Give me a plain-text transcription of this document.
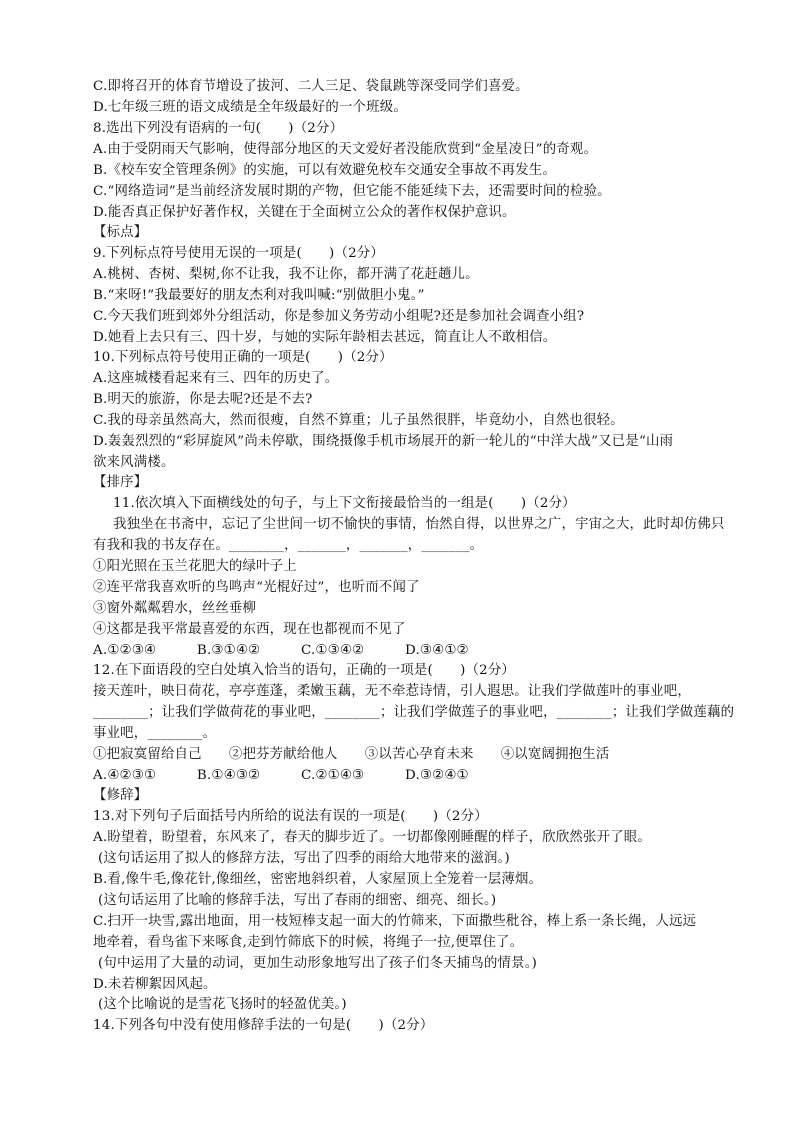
C.即将召开的体育节增设了拔河、二人三足、袋鼠跳等深受同学们喜爱。
D.七年级三班的语文成绩是全年级最好的一个班级。
8.选出下列没有语病的一句(　　)（2分）
A.由于受阴雨天气影响，使得部分地区的天文爱好者没能欣赏到“金星凌日”的奇观。
B.《校车安全管理条例》的实施，可以有效避免校车交通安全事故不再发生。
C.“网络造词”是当前经济发展时期的产物，但它能不能延续下去，还需要时间的检验。
D.能否真正保护好著作权，关键在于全面树立公众的著作权保护意识。
【标点】
9.下列标点符号使用无误的一项是(　　)（2分）
A.桃树、杏树、梨树,你不让我，我不让你，都开满了花赶趟儿。
B.“来呀!”我最要好的朋友杰利对我叫喊:“别做胆小鬼。”
C.今天我们班到郊外分组活动，你是参加义务劳动小组呢?还是参加社会调查小组?
D.她看上去只有三、四十岁，与她的实际年龄相去甚远，简直让人不敢相信。
10.下列标点符号使用正确的一项是(　　)（2分）
A.这座城楼看起来有三、四年的历史了。
B.明天的旅游，你是去呢?还是不去?
C.我的母亲虽然高大，然而很瘦，自然不算重；儿子虽然很胖，毕竟幼小，自然也很轻。
D.轰轰烈烈的“彩屏旋风”尚未停歇，围绕摄像手机市场展开的新一轮儿的“中洋大战”又已是“山雨
欲来风满楼。
【排序】
11.依次填入下面横线处的句子，与上下文衔接最恰当的一组是(　　)（2分）
我独坐在书斋中，忘记了尘世间一切不愉快的事情，怡然自得，以世界之广，宇宙之大，此时却仿佛只
有我和我的书友存在。________，_______，_______，_______。
①阳光照在玉兰花肥大的绿叶子上
②连平常我喜欢听的鸟鸣声“光棍好过”，也听而不闻了
③窗外粼粼碧水，丝丝垂柳
④这都是我平常最喜爱的东西，现在也都视而不见了
A.①②③④　　　B.③①④②　　　C.①③④②　　　D.③④①②
12.在下面语段的空白处填入恰当的语句，正确的一项是(　　)（2分）
接天莲叶，映日荷花，亭亭莲蓬，柔嫩玉藕，无不牵惹诗情，引人遐思。让我们学做莲叶的事业吧，
________；让我们学做荷花的事业吧，________；让我们学做莲子的事业吧，________；让我们学做莲藕的
事业吧，________。
①把寂寞留给自己　　②把芬芳献给他人　　③以苦心孕育未来　　④以宽阔拥抱生活
A.④②③①　　　B.①④③②　　　C.②①④③　　　D.③②④①
【修辞】
13.对下列句子后面括号内所给的说法有误的一项是(　　)（2分）
A.盼望着，盼望着，东风来了，春天的脚步近了。一切都像刚睡醒的样子，欣欣然张开了眼。
(这句话运用了拟人的修辞方法，写出了四季的雨给大地带来的滋润。)
B.看,像牛毛,像花针,像细丝，密密地斜织着，人家屋顶上全笼着一层薄烟。
(这句话运用了比喻的修辞手法，写出了春雨的细密、细亮、细长。)
C.扫开一块雪,露出地面，用一枝短棒支起一面大的竹筛来，下面撒些秕谷，棒上系一条长绳，人远远
地牵着，看鸟雀下来啄食,走到竹筛底下的时候，将绳子一拉,便罩住了。
(句中运用了大量的动词，更加生动形象地写出了孩子们冬天捕鸟的情景。)
D.未若柳絮因风起。
(这个比喻说的是雪花飞扬时的轻盈优美。)
14.下列各句中没有使用修辞手法的一句是(　　)（2分）
